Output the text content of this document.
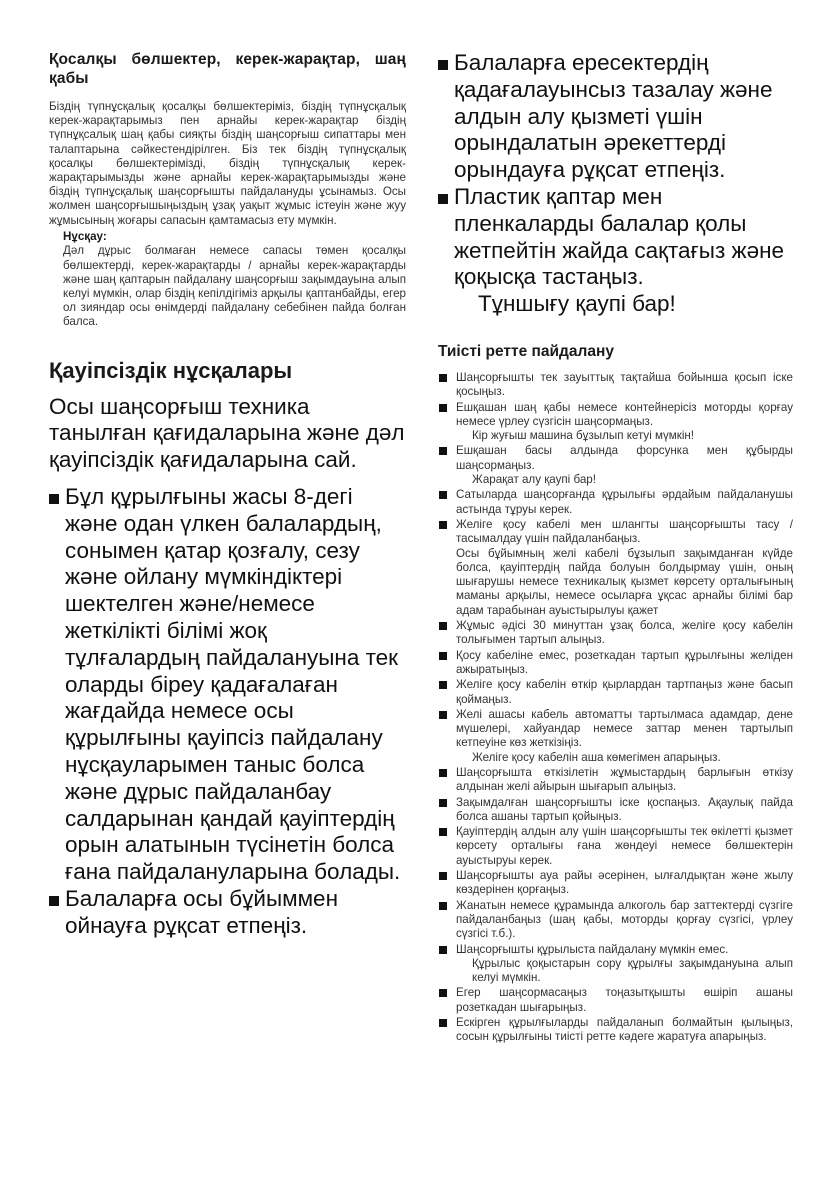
Қосалқы бөлшектер, керек-жарақтар, шаң қабы

Біздің түпнұсқалық қосалқы бөлшектеріміз, біздің түпнұсқалық керек-жарақтарымыз пен арнайы керек-жарақтар біздің түпнұқсалық шаң қабы сияқты біздің шаңсорғыш сипаттары мен талаптарына сәйкестендірілген. Біз тек біздің түпнұсқалық қосалқы бөлшектерімізді, біздің түпнұсқалық керек-жарақтарымызды және арнайы керек-жарақтарымызды және біздің түпнұсқалық шаңсорғышты пайдалануды ұсынамыз. Осы жолмен шаңсорғышыңыздың ұзақ уақыт жұмыс істеуін және жуу жұмысының жоғары сапасын қамтамасыз ету мүмкін.

Нұсқау:

Дәл дұрыс болмаған немесе сапасы төмен қосалқы бөлшектерді, керек-жарақтарды / арнайы керек-жарақтарды және шаң қаптарын пайдалану шаңсорғыш зақымдауына алып келуі мүмкін, олар біздің кепілдігіміз арқылы қаптанбайды, егер ол зияндар осы өнімдерді пайдалану себебінен пайда болған балса.

Қауіпсіздік нұсқалары

Осы шаңсорғыш техника танылған қағидаларына және дәл қауіпсіздік қағидаларына сай.

Бұл құрылғыны жасы 8-дегі және одан үлкен балалардың, сонымен қатар қозғалу, сезу және ойлану мүмкіндіктері шектелген және/немесе жеткілікті білімі жоқ тұлғалардың пайдалануына тек оларды біреу қадағалаған жағдайда немесе осы құрылғыны қауіпсіз пайдалану нұсқауларымен таныс болса және дұрыс пайдаланбау салдарынан қандай қауіптердің орын алатынын түсінетін болса ғана пайдалануларына болады.
Балаларға осы бұйыммен ойнауға рұқсат етпеңіз.
Балаларға ересектердің қадағалауынсыз тазалау және алдын алу қызметі үшін орындалатын әрекеттерді орындауға рұқсат етпеңіз.
Пластик қаптар мен пленкаларды балалар қолы жетпейтін жайда сақтағыз және қоқысқа тастаңыз.
Тұншығу қаупі бар!
Тиісті ретте пайдалану
Шаңсорғышты тек зауыттық тақтайша бойынша қосып іске қосыңыз.
Ешқашан шаң қабы немесе контейнерісіз моторды қорғау немесе үрлеу сүзгісін шаңсормаңыз.
Кір жуғыш машина бұзылып кетуі мүмкін!
Ешқашан басы алдында форсунка мен құбырды шаңсормаңыз.
Жарақат алу қаупі бар!
Сатыларда шаңсорғанда құрылығы әрдайым пайдаланушы астында тұруы керек.
Желіге қосу кабелі мен шлангты шаңсорғышты тасу / тасымалдау үшін пайдаланбаңыз.
Осы бұйымның желі кабелі бұзылып зақымданған күйде болса, қауіптердің пайда болуын болдырмау үшін, оның шығарушы немесе техникалық қызмет көрсету орталығының маманы арқылы, немесе осыларға ұқсас арнайы білімі бар адам тарабынан ауыстырылуы қажет
Жұмыс әдісі 30 минуттан ұзақ болса, желіге қосу кабелін толығымен тартып алыңыз.
Қосу кабеліне емес, розеткадан тартып құрылғыны желіден ажыратыңыз.
Желіге қосу кабелін өткір қырлардан тартпаңыз және басып қоймаңыз.
Желі ашасы кабель автоматты тартылмаса адамдар, дене мүшелері, хайуандар немесе заттар менен тартылып кетпеуіне көз жеткізіңіз.
Желіге қосу кабелін аша көмегімен апарыңыз.
Шаңсорғышта өткізілетін жұмыстардың барлығын өткізу алдынан желі айырын шығарып алыңыз.
Зақымдалған шаңсорғышты іске қоспаңыз. Ақаулық пайда болса ашаны тартып қойыңыз.
Қауіптердің алдын алу үшін шаңсорғышты тек өкілетті қызмет көрсету орталығы ғана жөндеуі немесе бөлшектерін ауыстыруы керек.
Шаңсорғышты ауа райы әсерінен, ылғалдықтан және жылу көздерінен қорғаңыз.
Жанатын немесе құрамында алкоголь бар заттектерді сүзгіге пайдаланбаңыз (шаң қабы, моторды қорғау сүзгісі, үрлеу сүзгісі т.б.).
Шаңсорғышты құрылыста пайдалану мүмкін емес.
Құрылыс қоқыстарын сору құрылғы зақымдануына алып келуі мүмкін.
Егер шаңсормасаңыз тоңазытқышты өшіріп ашаны розеткадан шығарыңыз.
Ескірген құрылғыларды пайдаланып болмайтын қылыңыз, сосын құрылғыны тиісті ретте кәдеге жаратуға апарыңыз.
